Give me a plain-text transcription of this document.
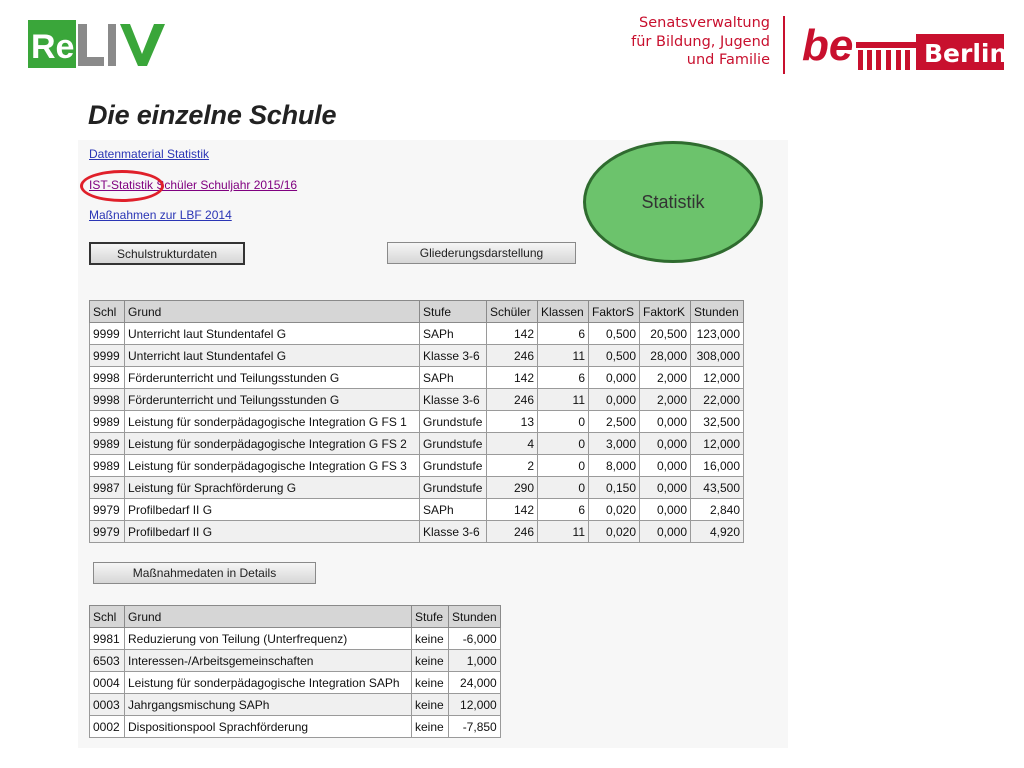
Re
Senatsverwaltung
für Bildung, Jugend
und Familie be	Berlin
Die einzelne Schule
Datenmaterial Statistik
IST-Statistik Schüler Schuljahr 2015/16
Maßnahmen zur LBF 2014
Statistik
Schulstrukturdaten	Gliederungsdarstellung
Schl	Grund	Stufe	Schüler	Klassen	FaktorS	FaktorK	Stunden
9999	Unterricht laut Stundentafel G	SAPh	142	6	0,500	20,500	123,000
9999	Unterricht laut Stundentafel G	Klasse 3-6	246	11	0,500	28,000	308,000
9998	Förderunterricht und Teilungsstunden G	SAPh	142	6	0,000	2,000	12,000
9998	Förderunterricht und Teilungsstunden G	Klasse 3-6	246	11	0,000	2,000	22,000
9989	Leistung für sonderpädagogische Integration G FS 1	Grundstufe	13	0	2,500	0,000	32,500
9989	Leistung für sonderpädagogische Integration G FS 2	Grundstufe	4	0	3,000	0,000	12,000
9989	Leistung für sonderpädagogische Integration G FS 3	Grundstufe	2	0	8,000	0,000	16,000
9987	Leistung für Sprachförderung G	Grundstufe	290	0	0,150	0,000	43,500
9979	Profilbedarf II G	SAPh	142	6	0,020	0,000	2,840
9979	Profilbedarf II G	Klasse 3-6	246	11	0,020	0,000	4,920
Maßnahmedaten in Details
Schl	Grund	Stufe	Stunden
9981	Reduzierung von Teilung (Unterfrequenz)	keine	-6,000
6503	Interessen-/Arbeitsgemeinschaften	keine	1,000
0004	Leistung für sonderpädagogische Integration SAPh	keine	24,000
0003	Jahrgangsmischung SAPh	keine	12,000
0002	Dispositionspool Sprachförderung	keine	-7,850
